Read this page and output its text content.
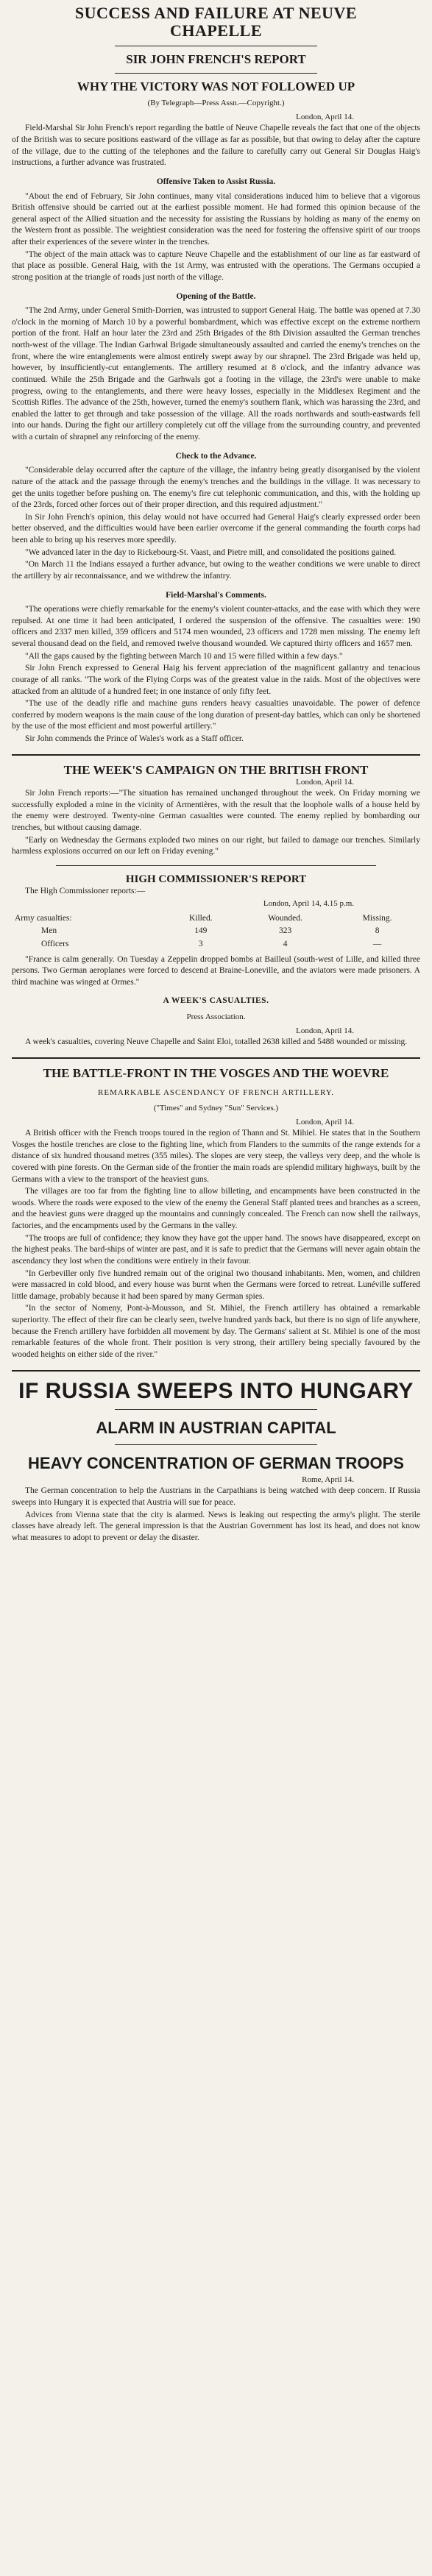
SUCCESS AND FAILURE AT NEUVE
CHAPELLE
SIR JOHN FRENCH'S REPORT
WHY THE VICTORY WAS NOT FOLLOWED UP
(By Telegraph—Press Assn.—Copyright.)
London, April 14.

Field-Marshal Sir John French's report regarding the battle of Neuve Chapelle reveals the fact that one of the objects of the British was to secure positions eastward of the village as far as possible, but that owing to delay after the capture of the village, due to the cutting of the telephones and the failure to carefully carry out General Sir Douglas Haig's instructions, a further advance was frustrated.

Offensive Taken to Assist Russia.

"About the end of February, Sir John continues, many vital considerations induced him to believe that a vigorous British offensive should be carried out at the earliest possible moment. He had formed this opinion because of the general aspect of the Allied situation and the necessity for assisting the Russians by holding as many of the enemy on the Western front as possible. The weightiest consideration was the need for fostering the offensive spirit of our troops after their experiences of the severe winter in the trenches.

"The object of the main attack was to capture Neuve Chapelle and the establishment of our line as far eastward of that place as possible. General Haig, with the 1st Army, was entrusted with the operations. The Germans occupied a strong position at the triangle of roads just north of the village.

Opening of the Battle.

"The 2nd Army, under General Smith-Dorrien, was intrusted to support General Haig. The battle was opened at 7.30 o'clock in the morning of March 10 by a powerful bombardment, which was effective except on the extreme northern portion of the front. Half an hour later the 23rd and 25th Brigades of the 8th Division assaulted the German trenches north-west of the village. The Indian Garhwal Brigade simultaneously assaulted and carried the enemy's trenches on the front, where the wire entanglements were almost entirely swept away by our shrapnel. The 23rd Brigade was held up, however, by insufficiently-cut entanglements. The artillery resumed at 8 o'clock, and the infantry advance was continued. While the 25th Brigade and the Garhwals got a footing in the village, the 23rd's were unable to make progress, owing to the entanglements, and there were heavy losses, especially in the Middlesex Regiment and the Scottish Rifles. The advance of the 25th, however, turned the enemy's southern flank, which was harassing the 23rd, and enabled the latter to get through and take possession of the village. All the roads northwards and south-eastwards fell into our hands. During the fight our artillery completely cut off the village from the surrounding country, and prevented with a curtain of shrapnel any reinforcing of the enemy.

Check to the Advance.

"Considerable delay occurred after the capture of the village, the infantry being greatly disorganised by the violent nature of the attack and the passage through the enemy's trenches and the buildings in the village. It was necessary to get the units together before pushing on. The enemy's fire cut telephonic communication, and this, with the holding up of the 23rds, forced other forces out of their proper direction, and this required adjustment."

In Sir John French's opinion, this delay would not have occurred had General Haig's clearly expressed order been better observed, and the difficulties would have been earlier overcome if the general commanding the fourth corps had been able to bring up his reserves more speedily.

"We advanced later in the day to Rickebourg-St. Vaast, and Pietre mill, and consolidated the positions gained.

"On March 11 the Indians essayed a further advance, but owing to the weather conditions we were unable to direct the artillery by air reconnaissance, and we withdrew the infantry.

Field-Marshal's Comments.

"The operations were chiefly remarkable for the enemy's violent counter-attacks, and the ease with which they were repulsed. At one time it had been anticipated, I ordered the suspension of the offensive. The casualties were: 190 officers and 2337 men killed, 359 officers and 5174 men wounded, 23 officers and 1728 men missing. The enemy left several thousand dead on the field, and removed twelve thousand wounded. We captured thirty officers and 1657 men.

"All the gaps caused by the fighting between March 10 and 15 were filled within a few days."

Sir John French expressed to General Haig his fervent appreciation of the magnificent gallantry and tenacious courage of all ranks. "The work of the Flying Corps was of the greatest value in the raids. Most of the objectives were attacked from an altitude of a hundred feet; in one instance of only fifty feet.

"The use of the deadly rifle and machine guns renders heavy casualties unavoidable. The power of defence conferred by modern weapons is the main cause of the long duration of present-day battles, which can only be shortened by the use of the most efficient and most powerful artillery."

Sir John commends the Prince of Wales's work as a Staff officer.

THE WEEK'S CAMPAIGN ON THE BRITISH FRONT
London, April 14.

Sir John French reports:—"The situation has remained unchanged throughout the week. On Friday morning we successfully exploded a mine in the vicinity of Armentières, with the result that the loophole walls of a house held by the enemy were destroyed. Twenty-nine German casualties were counted. The enemy replied by bombarding our trenches, but without causing damage.

"Early on Wednesday the Germans exploded two mines on our right, but failed to damage our trenches. Similarly harmless explosions occurred on our left on Friday evening."

HIGH COMMISSIONER'S REPORT

The High Commissioner reports:—

London, April 14, 4.15 p.m.
Army casualties:	Killed.	Wounded.	Missing.
Men	149	323	8
Officers	3	4	—

"France is calm generally. On Tuesday a Zeppelin dropped bombs at Bailleul (south-west of Lille, and killed three persons. Two German aeroplanes were forced to descend at Braine-Loneville, and the aviators were made prisoners. A third machine was winged at Ormes."

A WEEK'S CASUALTIES.
Press Association.
London, April 14.

A week's casualties, covering Neuve Chapelle and Saint Eloi, totalled 2638 killed and 5488 wounded or missing.

THE BATTLE-FRONT IN THE VOSGES AND THE WOEVRE
REMARKABLE ASCENDANCY OF FRENCH ARTILLERY.
("Times" and Sydney "Sun" Services.)
London, April 14.

A British officer with the French troops toured in the region of Thann and St. Mihiel. He states that in the Southern Vosges the hostile trenches are close to the fighting line, which from Flanders to the summits of the range extends for a distance of six hundred thousand metres (355 miles). The slopes are very steep, the valleys very deep, and the whole is covered with pine forests. On the German side of the frontier the main roads are splendid military highways, built by the Germans with a view to the transport of the heaviest guns.

The villages are too far from the fighting line to allow billeting, and encampments have been constructed in the woods. Where the roads were exposed to the view of the enemy the General Staff planted trees and branches as a screen, and the heaviest guns were dragged up the mountains and cunningly concealed. The French can now shell the railways, factories, and the encampments used by the Germans in the valley.

"The troops are full of confidence; they know they have got the upper hand. The snows have disappeared, except on the highest peaks. The bard-ships of winter are past, and it is safe to predict that the Germans will never again obtain the ascendancy they lost when the conditions were entirely in their favour.

"In Gerbeviller only five hundred remain out of the original two thousand inhabitants. Men, women, and children were massacred in cold blood, and every house was burnt when the Germans were forced to retreat. Lunéville suffered little damage, probably because it had been spared by many German spies.

"In the sector of Nomeny, Pont-à-Mousson, and St. Mihiel, the French artillery has obtained a remarkable superiority. The effect of their fire can be clearly seen, twelve hundred yards back, but there is no sign of life anywhere, because the French artillery have forbidden all movement by day. The Germans' salient at St. Mihiel is one of the most remarkable features of the whole front. Their position is very strong, their artillery being specially favoured by the wooded heights on either side of the river."

IF RUSSIA SWEEPS INTO HUNGARY
ALARM IN AUSTRIAN CAPITAL
HEAVY CONCENTRATION OF GERMAN TROOPS
Rome, April 14.

The German concentration to help the Austrians in the Carpathians is being watched with deep concern. If Russia sweeps into Hungary it is expected that Austria will sue for peace.

Advices from Vienna state that the city is alarmed. News is leaking out respecting the army's plight. The sterile classes have already left. The general impression is that the Austrian Government has lost its head, and does not know what measures to adopt to prevent or delay the disaster.
